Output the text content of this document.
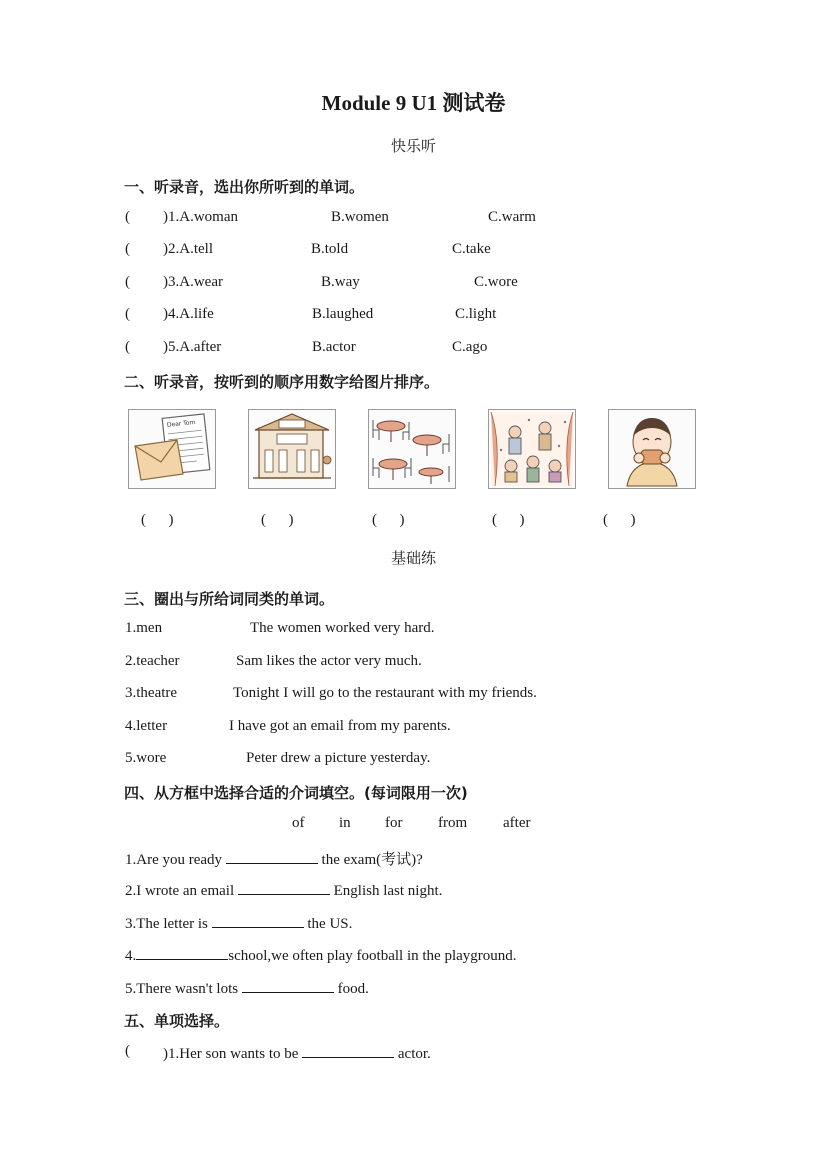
Module 9 U1 测试卷
快乐听
一、听录音，选出你所听到的单词。
( )1.A.woman	B.women	C.warm
( )2.A.tell	B.told	C.take
( )3.A.wear	B.way	C.wore
( )4.A.life	B.laughed	C.light
( )5.A.after	B.actor	C.ago
二、听录音，按听到的顺序用数字给图片排序。
Dear Tom
(      )	(      )	(      )	(      )	(      )
基础练
三、圈出与所给词同类的单词。
1.men	The women worked very hard.
2.teacher	Sam likes the actor very much.
3.theatre	Tonight I will go to the restaurant with my friends.
4.letter	I have got an email from my parents.
5.wore	Peter drew a picture yesterday.
四、从方框中选择合适的介词填空。(每词限用一次)
of in for from after
1.Are you ready	the exam(考试)?
2.I wrote an email	English last night.
3.The letter is	the US.
4.	school,we often play football in the playground.
5.There wasn't lots	food.
五、单项选择。
( )1.Her son wants to be	actor.
